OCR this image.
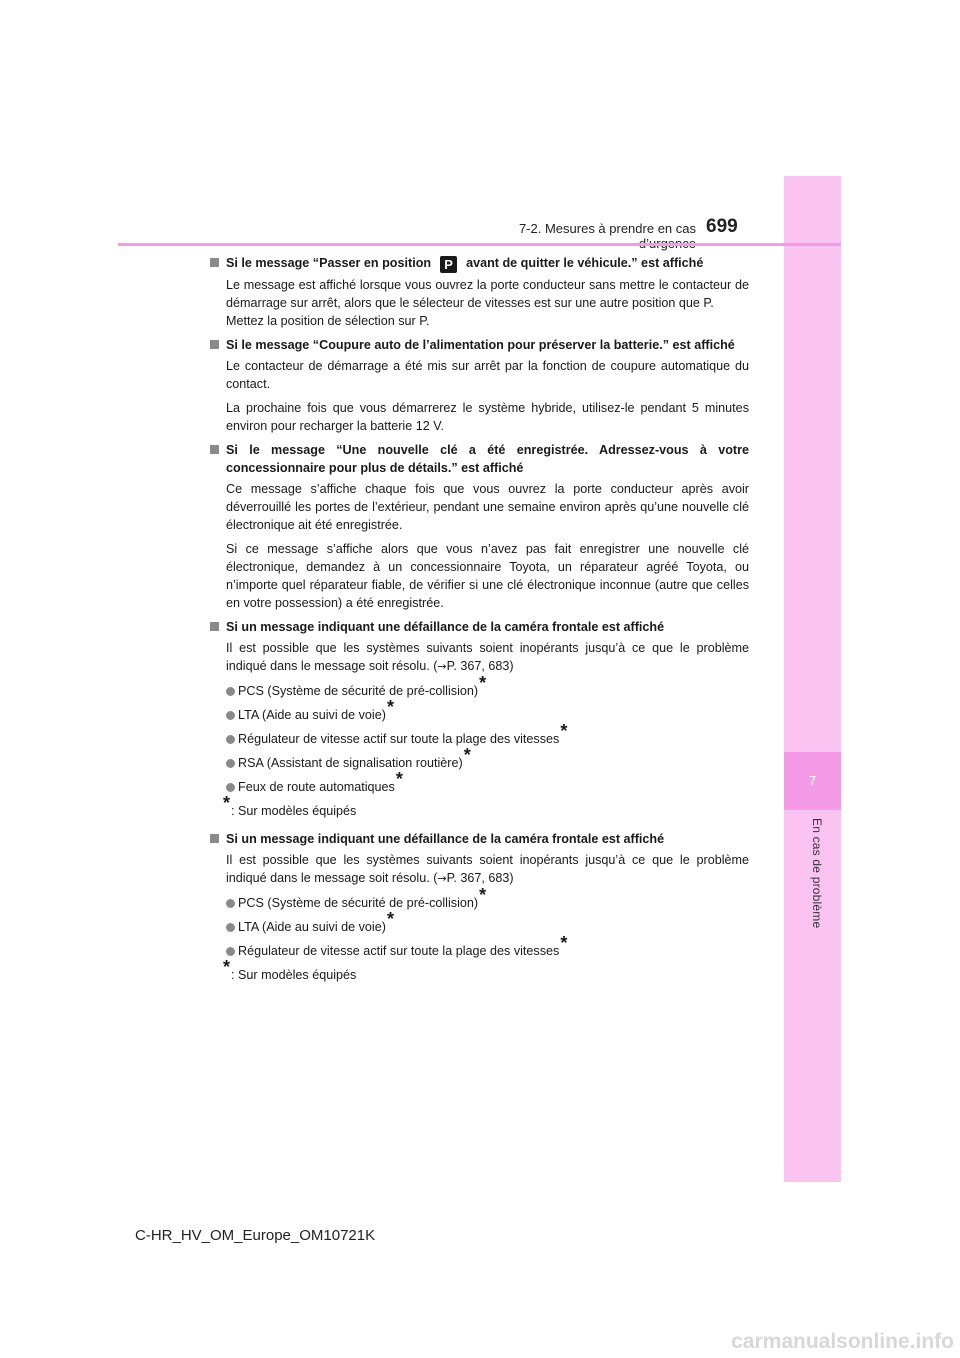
7
En cas de problème
7-2. Mesures à prendre en cas 699
Si le message “Passer en position P avant de quitter le véhicule.” est affiché
Le message est affiché lorsque vous ouvrez la porte conducteur sans mettre le contacteur de démarrage sur arrêt, alors que le sélecteur de vitesses est sur une autre position que P.
Mettez la position de sélection sur P.
Si le message “Coupure auto de l’alimentation pour préserver la batterie.” est affiché
Le contacteur de démarrage a été mis sur arrêt par la fonction de coupure automatique du contact.
La prochaine fois que vous démarrerez le système hybride, utilisez-le pendant 5 minutes environ pour recharger la batterie 12 V.
Si le message “Une nouvelle clé a été enregistrée. Adressez-vous à votre concessionnaire pour plus de détails.” est affiché
Ce message s’affiche chaque fois que vous ouvrez la porte conducteur après avoir déverrouillé les portes de l’extérieur, pendant une semaine environ après qu’une nouvelle clé électronique ait été enregistrée.
Si ce message s’affiche alors que vous n’avez pas fait enregistrer une nouvelle clé électronique, demandez à un concessionnaire Toyota, un réparateur agréé Toyota, ou n’importe quel réparateur fiable, de vérifier si une clé électronique inconnue (autre que celles en votre possession) a été enregistrée.
Si un message indiquant une défaillance de la caméra frontale est affiché
Il est possible que les systèmes suivants soient inopérants jusqu’à ce que le problème indiqué dans le message soit résolu. (→P. 367, 683)
PCS (Système de sécurité de pré-collision)*
LTA (Aide au suivi de voie)*
Régulateur de vitesse actif sur toute la plage des vitesses*
RSA (Assistant de signalisation routière)*
Feux de route automatiques*
*: Sur modèles équipés
Si un message indiquant une défaillance de la caméra frontale est affiché
Il est possible que les systèmes suivants soient inopérants jusqu’à ce que le problème indiqué dans le message soit résolu. (→P. 367, 683)
PCS (Système de sécurité de pré-collision)*
LTA (Aide au suivi de voie)*
Régulateur de vitesse actif sur toute la plage des vitesses*
*: Sur modèles équipés
C-HR_HV_OM_Europe_OM10721K
carmanualsonline.info
